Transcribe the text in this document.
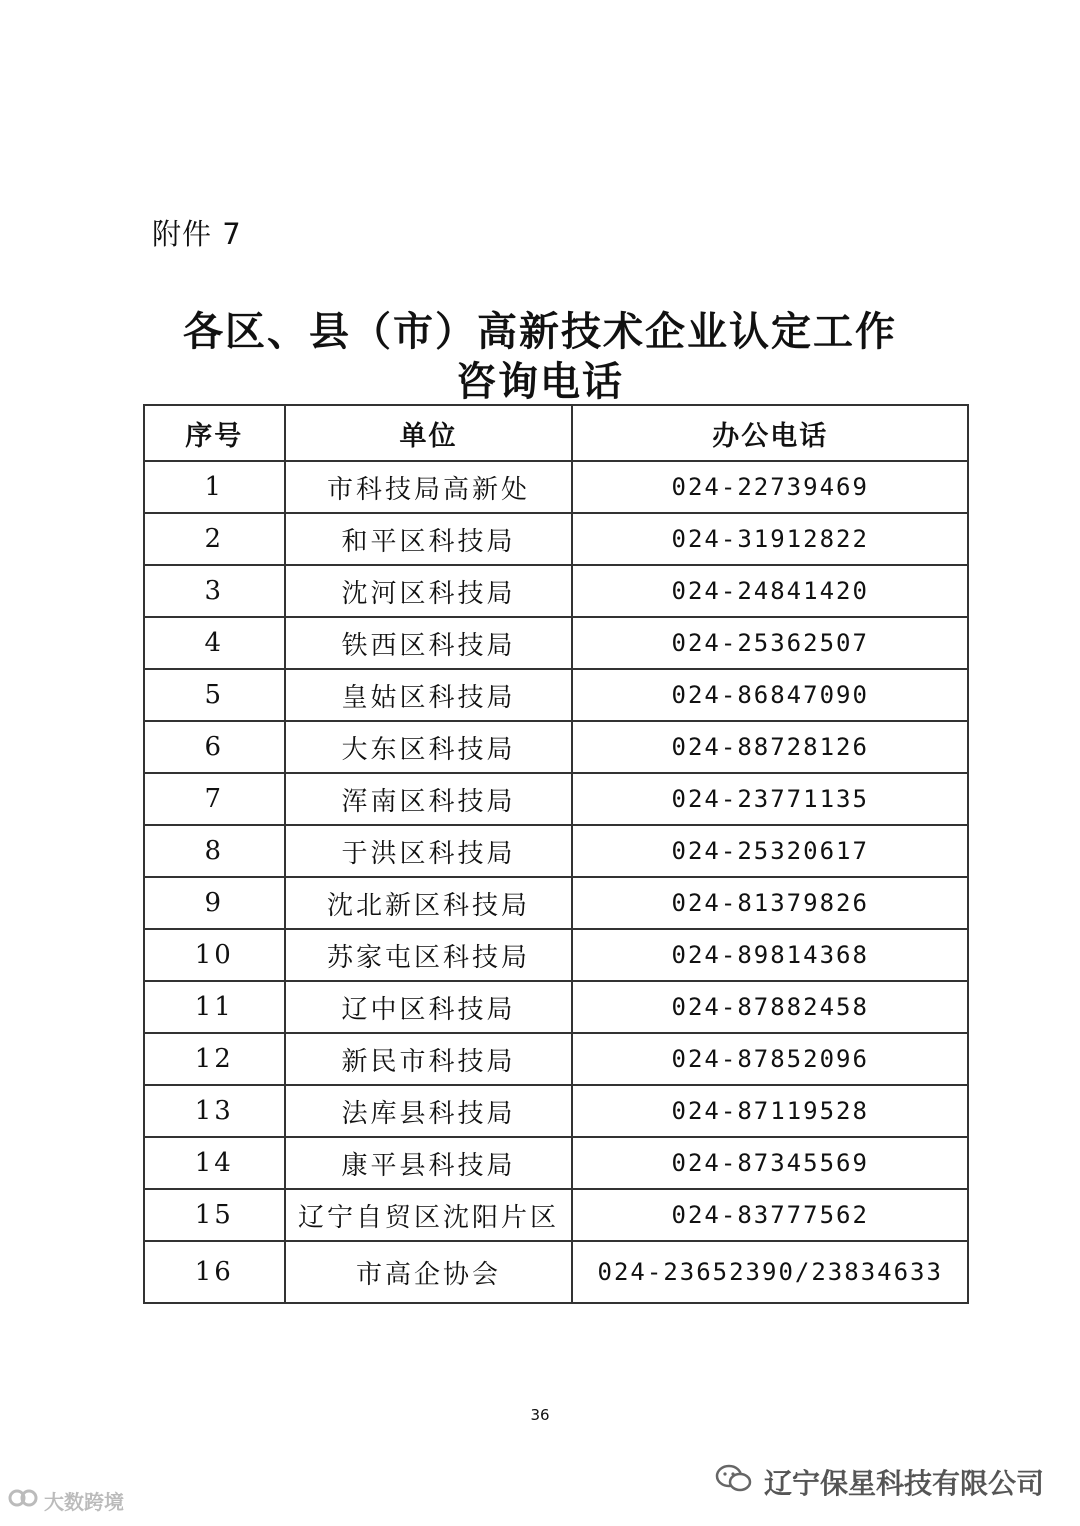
附件 7
各区、县（市）高新技术企业认定工作
咨询电话
序号	单位	办公电话
1	市科技局高新处	024-22739469
2	和平区科技局	024-31912822
3	沈河区科技局	024-24841420
4	铁西区科技局	024-25362507
5	皇姑区科技局	024-86847090
6	大东区科技局	024-88728126
7	浑南区科技局	024-23771135
8	于洪区科技局	024-25320617
9	沈北新区科技局	024-81379826
10	苏家屯区科技局	024-89814368
11	辽中区科技局	024-87882458
12	新民市科技局	024-87852096
13	法库县科技局	024-87119528
14	康平县科技局	024-87345569
15	辽宁自贸区沈阳片区	024-83777562
16	市高企协会	024-23652390/23834633
36
大数跨境
辽宁保星科技有限公司
